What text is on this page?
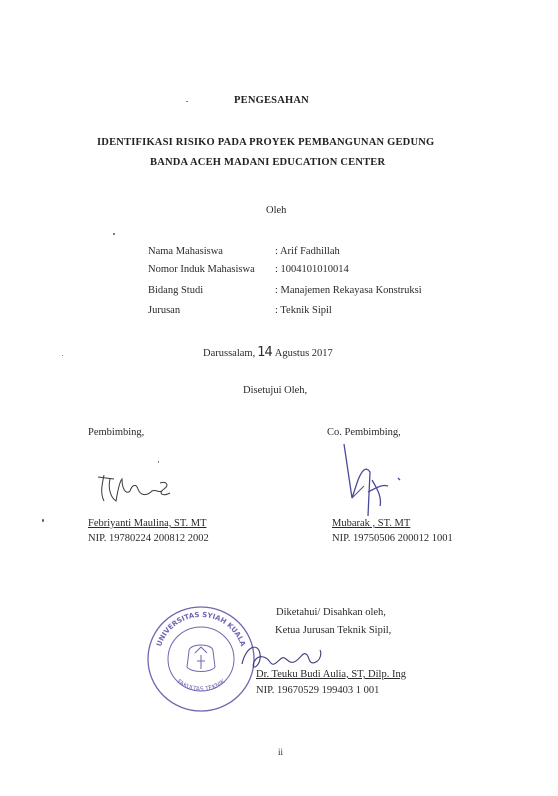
PENGESAHAN
IDENTIFIKASI RISIKO PADA PROYEK PEMBANGUNAN GEDUNG
BANDA ACEH MADANI EDUCATION CENTER
Oleh
Nama Mahasiswa	: Arif Fadhillah
Nomor Induk Mahasiswa : 1004101010014
Bidang Studi	: Manajemen Rekayasa Konstruksi
Jurusan	: Teknik Sipil
Darussalam, 14 Agustus 2017
Disetujui Oleh,
Pembimbing,	Co. Pembimbing,
Febriyanti Maulina, ST. MT
NIP. 19780224 200812 2002
Mubarak , ST. MT
NIP. 19750506 200012 1001
UNIVERSITAS SYIAH KUALA
FAKULTAS TEKNIK
Diketahui/ Disahkan oleh,
Ketua Jurusan Teknik Sipil,
Dr. Teuku Budi Aulia, ST, Dilp. Ing
NIP. 19670529 199403 1 001
ii
